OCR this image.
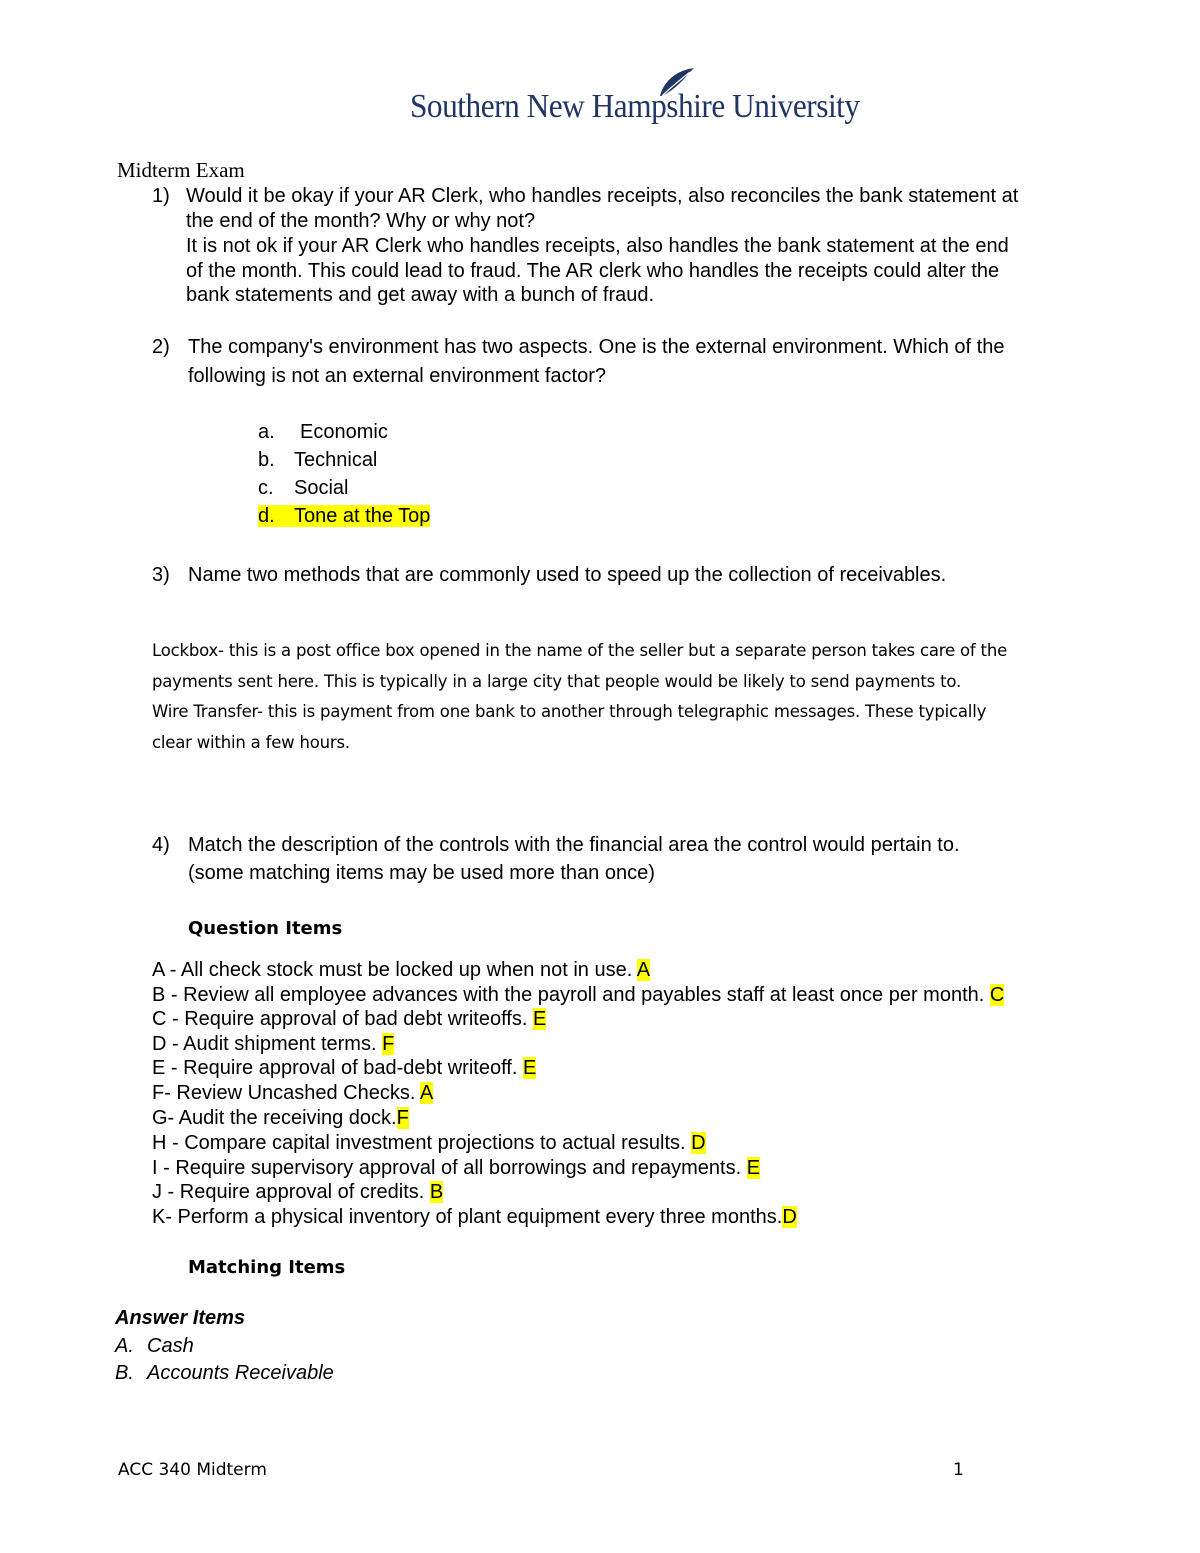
Southern New Hampshire University
Midterm Exam
1) Would it be okay if your AR Clerk, who handles receipts, also reconciles the bank statement at
the end of the month? Why or why not?
It is not ok if your AR Clerk who handles receipts, also handles the bank statement at the end
of the month. This could lead to fraud. The AR clerk who handles the receipts could alter the
bank statements and get away with a bunch of fraud.
2) The company's environment has two aspects. One is the external environment. Which of the
following is not an external environment factor?
a. Economic
b. Technical
c. Social
d. Tone at the Top
3) Name two methods that are commonly used to speed up the collection of receivables.
Lockbox- this is a post office box opened in the name of the seller but a separate person takes care of the
payments sent here. This is typically in a large city that people would be likely to send payments to.
Wire Transfer- this is payment from one bank to another through telegraphic messages. These typically
clear within a few hours.
4) Match the description of the controls with the financial area the control would pertain to.
(some matching items may be used more than once)
Question Items
A - All check stock must be locked up when not in use. A
B - Review all employee advances with the payroll and payables staff at least once per month. C
C - Require approval of bad debt writeoffs. E
D - Audit shipment terms. F
E - Require approval of bad-debt writeoff. E
F- Review Uncashed Checks. A
G- Audit the receiving dock.F
H - Compare capital investment projections to actual results. D
I - Require supervisory approval of all borrowings and repayments. E
J - Require approval of credits. B
K- Perform a physical inventory of plant equipment every three months.D
Matching Items
Answer Items
A. Cash
B. Accounts Receivable
ACC 340 Midterm	1
